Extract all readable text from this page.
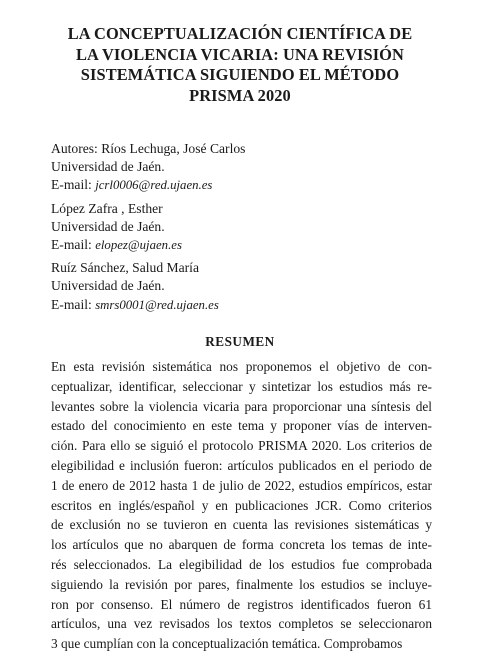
LA CONCEPTUALIZACIÓN CIENTÍFICA DE
LA VIOLENCIA VICARIA: UNA REVISIÓN
SISTEMÁTICA SIGUIENDO EL MÉTODO
PRISMA 2020
Autores: Ríos Lechuga, José Carlos
Universidad de Jaén.
E-mail: jcrl0006@red.ujaen.es
López Zafra , Esther
Universidad de Jaén.
E-mail: elopez@ujaen.es
Ruíz Sánchez, Salud María
Universidad de Jaén.
E-mail: smrs0001@red.ujaen.es
RESUMEN
En esta revisión sistemática nos proponemos el objetivo de con-
ceptualizar, identificar, seleccionar y sintetizar los estudios más re-
levantes sobre la violencia vicaria para proporcionar una síntesis del
estado del conocimiento en este tema y proponer vías de interven-
ción. Para ello se siguió el protocolo PRISMA 2020. Los criterios de
elegibilidad e inclusión fueron: artículos publicados en el periodo de
1 de enero de 2012 hasta 1 de julio de 2022, estudios empíricos, estar
escritos en inglés/español y en publicaciones JCR. Como criterios
de exclusión no se tuvieron en cuenta las revisiones sistemáticas y
los artículos que no abarquen de forma concreta los temas de inte-
rés seleccionados. La elegibilidad de los estudios fue comprobada
siguiendo la revisión por pares, finalmente los estudios se incluye-
ron por consenso. El número de registros identificados fueron 61
artículos, una vez revisados los textos completos se seleccionaron
3 que cumplían con la conceptualización temática. Comprobamos
